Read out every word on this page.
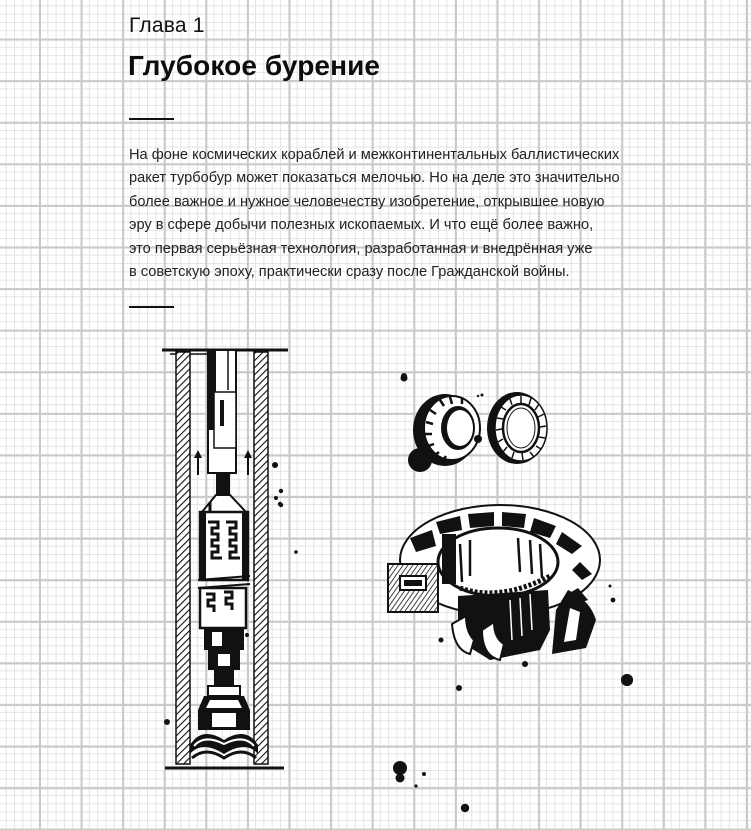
Глава 1
Глубокое бурение

На фоне космических кораблей и межконтинентальных баллистических
ракет турбобур может показаться мелочью. Но на деле это значительно
более важное и нужное человечеству изобретение, открывшее новую
эру в сфере добычи полезных ископаемых. И что ещё более важно,
это первая серьёзная технология, разработанная и внедрённая уже
в советскую эпоху, практически сразу после Гражданской войны.
